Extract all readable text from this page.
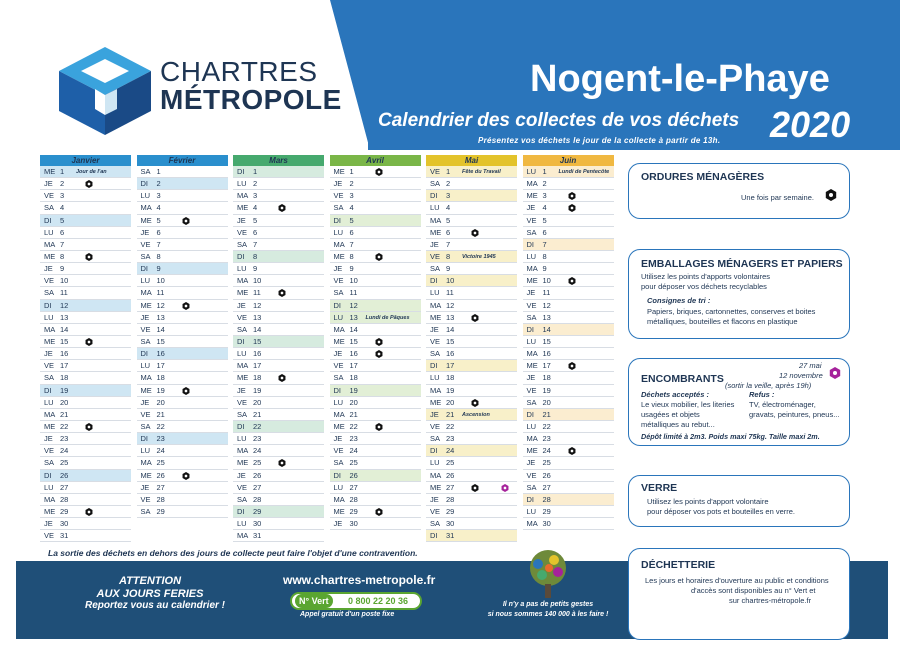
CHARTRES
MÉTROPOLE	Nogent-le-Phaye
Calendrier des collectes de vos déchets 2020
Présentez vos déchets le jour de la collecte à partir de 13h.
Janvier
ME 1 Jour de l'an
JE 2
VE 3
SA 4
DI 5
LU 6
MA 7
ME 8
JE 9
VE 10
SA 11
DI 12
LU 13
MA 14
ME 15
JE 16
VE 17
SA 18
DI 19
LU 20
MA 21
ME 22
JE 23
VE 24
SA 25
DI 26
LU 27
MA 28
ME 29
JE 30
VE 31
Février
SA 1
DI 2
LU 3
MA 4
ME 5
JE 6
VE 7
SA 8
DI 9
LU 10
MA 11
ME 12
JE 13
VE 14
SA 15
DI 16
LU 17
MA 18
ME 19
JE 20
VE 21
SA 22
DI 23
LU 24
MA 25
ME 26
JE 27
VE 28
SA 29
Mars
DI 1
LU 2
MA 3
ME 4
JE 5
VE 6
SA 7
DI 8
LU 9
MA 10
ME 11
JE 12
VE 13
SA 14
DI 15
LU 16
MA 17
ME 18
JE 19
VE 20
SA 21
DI 22
LU 23
MA 24
ME 25
JE 26
VE 27
SA 28
DI 29
LU 30
MA 31
Avril
ME 1
JE 2
VE 3
SA 4
DI 5
LU 6
MA 7
ME 8
JE 9
VE 10
SA 11
DI 12
LU 13 Lundi de Pâques
MA 14
ME 15
JE 16
VE 17
SA 18
DI 19
LU 20
MA 21
ME 22
JE 23
VE 24
SA 25
DI 26
LU 27
MA 28
ME 29
JE 30
Mai
VE 1 Fête du Travail
SA 2
DI 3
LU 4
MA 5
ME 6
JE 7
VE 8 Victoire 1945
SA 9
DI 10
LU 11
MA 12
ME 13
JE 14
VE 15
SA 16
DI 17
LU 18
MA 19
ME 20
JE 21 Ascension
VE 22
SA 23
DI 24
LU 25
MA 26
ME 27
JE 28
VE 29
SA 30
DI 31
Juin
LU 1 Lundi de Pentecôte
MA 2
ME 3
JE 4
VE 5
SA 6
DI 7
LU 8
MA 9
ME 10
JE 11
VE 12
SA 13
DI 14
LU 15
MA 16
ME 17
JE 18
VE 19
SA 20
DI 21
LU 22
MA 23
ME 24
JE 25
VE 26
SA 27
DI 28
LU 29
MA 30
La sortie des déchets en dehors des jours de collecte peut faire l'objet d'une contravention.
ORDURES MÉNAGÈRES
Une fois par semaine.
EMBALLAGES MÉNAGERS ET PAPIERS
Utilisez les points d'apports volontaires
pour déposer vos déchets recyclables
Consignes de tri :
Papiers, briques, cartonnettes, conserves et boites
métalliques, bouteilles et flacons en plastique
ENCOMBRANTS
27 mai
12 novembre
(sortir la veille, après 19h)
Déchets acceptés :
Le vieux mobilier, les literies
usagées et objets
métalliques au rebut...
Refus :
TV, électroménager,
gravats, peintures, pneus...
Dépôt limité à 2m3. Poids maxi 75kg. Taille maxi 2m.
VERRE
Utilisez les points d'apport volontaire
pour déposer vos pots et bouteilles en verre.
ATTENTION
AUX JOURS FERIES
Reportez vous au calendrier !
www.chartres-metropole.fr
N° Vert	0 800 22 20 36
Appel gratuit d'un poste fixe
Il n'y a pas de petits gestes
si nous sommes 140 000 à les faire !
DÉCHETTERIE
Les jours et horaires d'ouverture au public et conditions
d'accès sont disponibles au n° Vert et
sur chartres-métropole.fr
